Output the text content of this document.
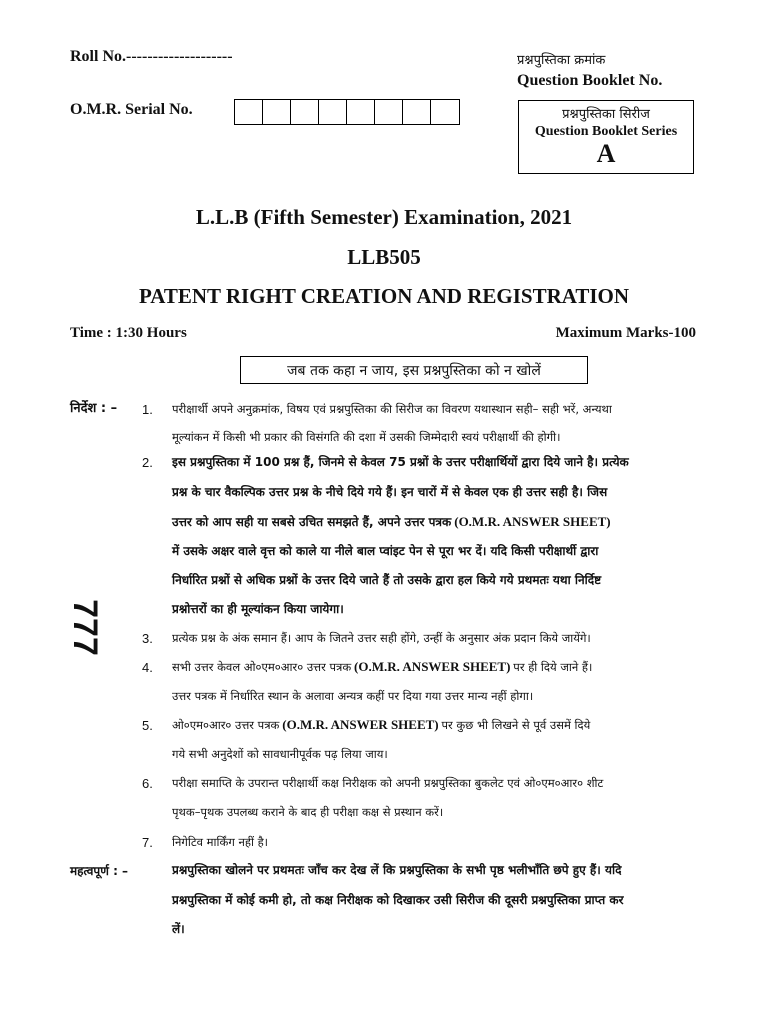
Roll No.--------------------
O.M.R. Serial No.
प्रश्नपुस्तिका क्रमांक
Question Booklet No.
प्रश्नपुस्तिका सिरीज
Question Booklet Series
A
L.L.B (Fifth Semester) Examination, 2021
LLB505
PATENT RIGHT CREATION AND REGISTRATION
Time : 1:30 Hours	Maximum Marks-100
जब तक कहा न जाय, इस प्रश्नपुस्तिका को न खोलें
777
निर्देश : – 1. परीक्षार्थी अपने अनुक्रमांक, विषय एवं प्रश्नपुस्तिका की सिरीज का विवरण यथास्थान सही– सही भरें, अन्यथा
मूल्यांकन में किसी भी प्रकार की विसंगति की दशा में उसकी जिम्मेदारी स्वयं परीक्षार्थी की होगी।
2. इस प्रश्नपुस्तिका में 100 प्रश्न हैं, जिनमे से केवल 75 प्रश्नों के उत्तर परीक्षार्थियों द्वारा दिये जाने है। प्रत्येक
प्रश्न के चार वैकल्पिक उत्तर प्रश्न के नीचे दिये गये हैं। इन चारों में से केवल एक ही उत्तर सही है। जिस
उत्तर को आप सही या सबसे उचित समझते हैं, अपने उत्तर पत्रक (O.M.R. ANSWER SHEET)
में उसके अक्षर वाले वृत्त को काले या नीले बाल प्वांइट पेन से पूरा भर दें। यदि किसी परीक्षार्थी द्वारा
निर्धारित प्रश्नों से अधिक प्रश्नों के उत्तर दिये जाते हैं तो उसके द्वारा हल किये गये प्रथमतः यथा निर्दिष्ट
प्रश्नोत्तरों का ही मूल्यांकन किया जायेगा।
3. प्रत्येक प्रश्न के अंक समान हैं। आप के जितने उत्तर सही होंगे, उन्हीं के अनुसार अंक प्रदान किये जायेंगे।
4. सभी उत्तर केवल ओ०एम०आर० उत्तर पत्रक (O.M.R. ANSWER SHEET) पर ही दिये जाने हैं।
उत्तर पत्रक में निर्धारित स्थान के अलावा अन्यत्र कहीं पर दिया गया उत्तर मान्य नहीं होगा।
5. ओ०एम०आर० उत्तर पत्रक (O.M.R. ANSWER SHEET) पर कुछ भी लिखने से पूर्व उसमें दिये
गये सभी अनुदेशों को सावधानीपूर्वक पढ़ लिया जाय।
6. परीक्षा समाप्ति के उपरान्त परीक्षार्थी कक्ष निरीक्षक को अपनी प्रश्नपुस्तिका बुकलेट एवं ओ०एम०आर० शीट
पृथक–पृथक उपलब्ध कराने के बाद ही परीक्षा कक्ष से प्रस्थान करें।
7. निगेटिव मार्किंग नहीं है।
महत्वपूर्ण : –	प्रश्नपुस्तिका खोलने पर प्रथमतः जाँच कर देख लें कि प्रश्नपुस्तिका के सभी पृष्ठ भलीभाँति छपे हुए हैं। यदि
प्रश्नपुस्तिका में कोई कमी हो, तो कक्ष निरीक्षक को दिखाकर उसी सिरीज की दूसरी प्रश्नपुस्तिका प्राप्त कर
लें।
